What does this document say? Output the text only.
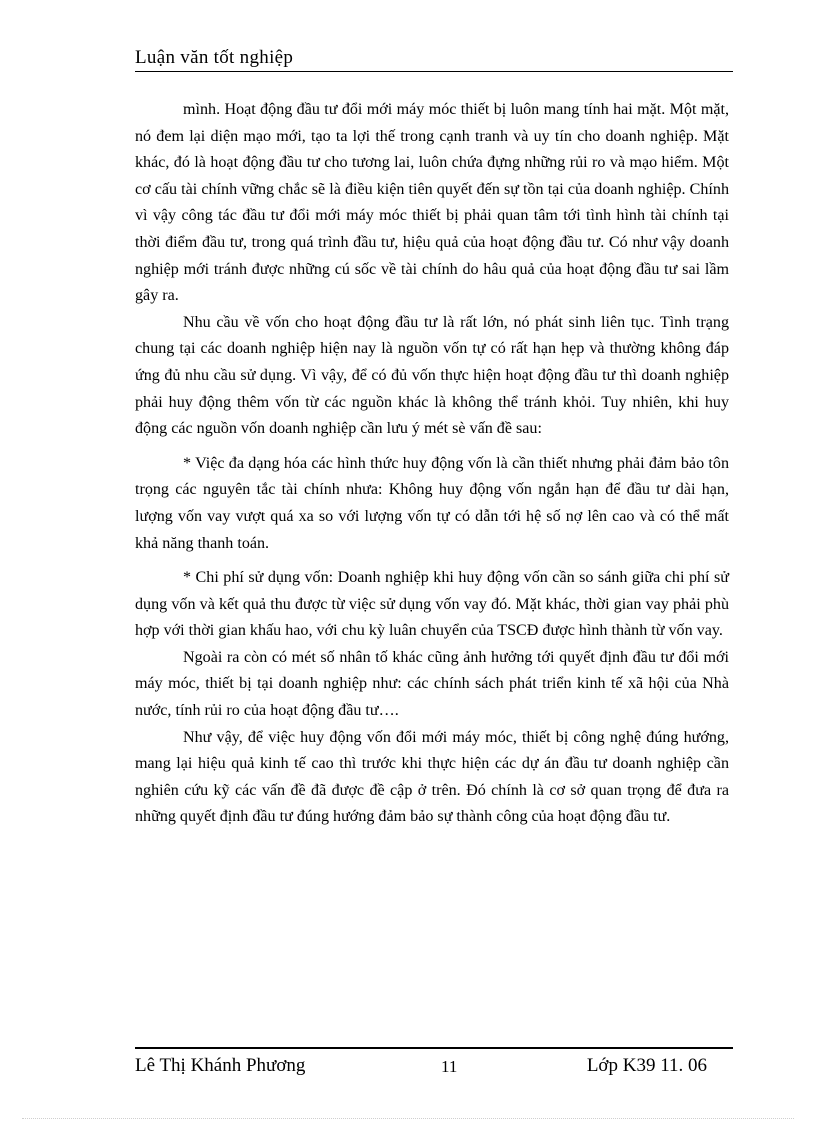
Luận văn tốt nghiệp

mình. Hoạt động đầu tư đổi mới máy móc thiết bị luôn mang tính hai mặt. Một mặt, nó đem lại diện mạo mới, tạo ta lợi thế trong cạnh tranh và uy tín cho doanh nghiệp. Mặt khác, đó là hoạt động đầu tư cho tương lai, luôn chứa đựng những rủi ro và mạo hiểm. Một cơ cấu tài chính vững chắc sẽ là điều kiện tiên quyết đến sự tồn tại của doanh nghiệp. Chính vì vậy công tác đầu tư đổi mới máy móc thiết bị phải quan tâm tới tình hình tài chính tại thời điểm đầu tư, trong quá trình đầu tư, hiệu quả của hoạt động đầu tư. Có như vậy doanh nghiệp mới tránh được những cú sốc về tài chính do hâu quả của hoạt động đầu tư sai lầm gây ra.

Nhu cầu về vốn cho hoạt động đầu tư là rất lớn, nó phát sinh liên tục. Tình trạng chung tại các doanh nghiệp hiện nay là nguồn vốn tự có rất hạn hẹp và thường không đáp ứng đủ nhu cầu sử dụng. Vì vậy, để có đủ vốn thực hiện hoạt động đầu tư thì doanh nghiệp phải huy động thêm vốn từ các nguồn khác là không thể tránh khỏi. Tuy nhiên, khi huy động các nguồn vốn doanh nghiệp cần lưu ý mét sè vấn đề sau:

* Việc đa dạng hóa các hình thức huy động vốn là cần thiết nhưng phải đảm bảo tôn trọng các nguyên tắc tài chính nhưa: Không huy động vốn ngắn hạn để đầu tư dài hạn, lượng vốn vay vượt quá xa so với lượng vốn tự có dẫn tới hệ số nợ lên cao và có thể mất khả năng thanh toán.

* Chi phí sử dụng vốn: Doanh nghiệp khi huy động vốn cần so sánh giữa chi phí sử dụng vốn và kết quả thu được từ việc sử dụng vốn vay đó. Mặt khác, thời gian vay phải phù hợp với thời gian khấu hao, với chu kỳ luân chuyển của TSCĐ được hình thành từ vốn vay.

Ngoài ra còn có mét số nhân tố khác cũng ảnh hưởng tới quyết định đầu tư đổi mới máy móc, thiết bị tại doanh nghiệp như: các chính sách phát triển kinh tế xã hội của Nhà nước, tính rủi ro của hoạt động đầu tư….

Như vậy, để việc huy động vốn đổi mới máy móc, thiết bị công nghệ đúng hướng, mang lại hiệu quả kinh tế cao thì trước khi thực hiện các dự án đầu tư doanh nghiệp cần nghiên cứu kỹ các vấn đề đã được đề cập ở trên. Đó chính là cơ sở quan trọng để đưa ra những quyết định đầu tư đúng hướng đảm bảo sự thành công của hoạt động đầu tư.

Lê Thị Khánh Phương	11	Lớp K39 11. 06
